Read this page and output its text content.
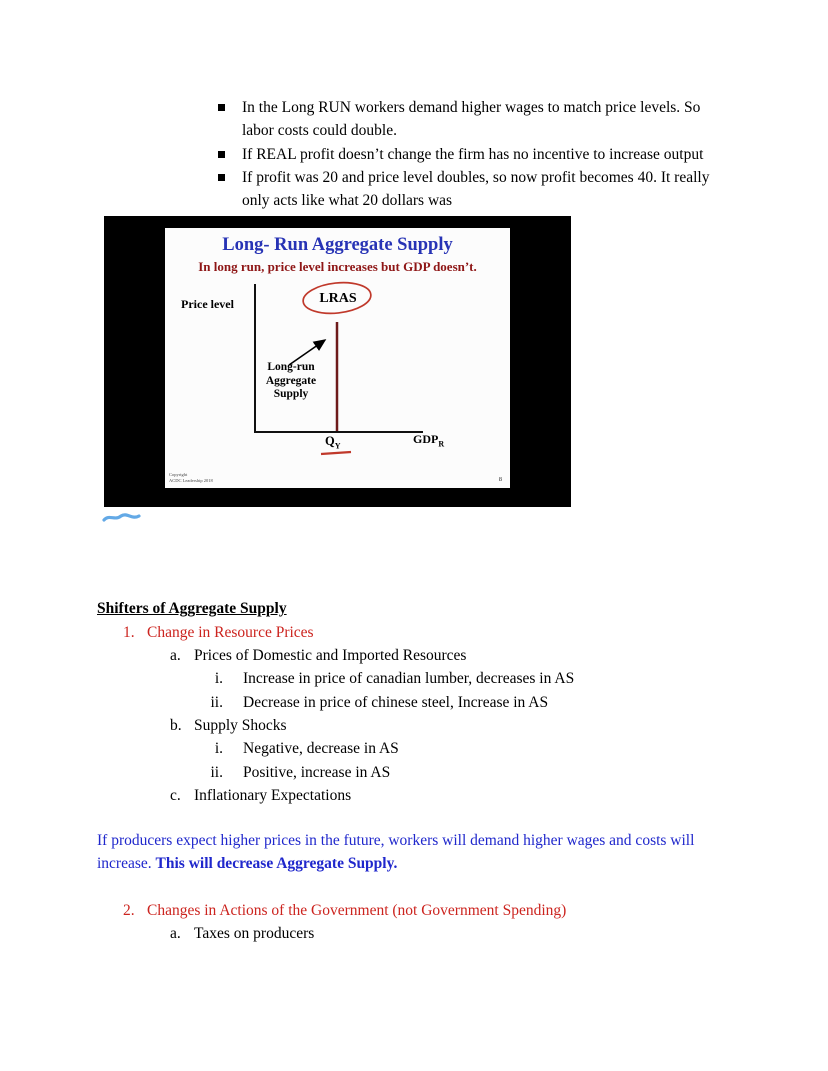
In the Long RUN workers demand higher wages to match price levels. So labor costs could double.
If REAL profit doesn’t change the firm has no incentive to increase output
If profit was 20 and price level doubles, so now profit becomes 40. It really only acts like what 20 dollars was
Long- Run Aggregate Supply
In long run, price level increases but GDP doesn’t.
Price level	LRAS
Long-run
Aggregate
Supply
$Q_Y$	$GDP_R$
Copyright
ACDC Leadership 2018	8
Shifters of Aggregate Supply
1. Change in Resource Prices
a. Prices of Domestic and Imported Resources
i. Increase in price of canadian lumber, decreases in AS
ii. Decrease in price of chinese steel, Increase in AS
b. Supply Shocks
i. Negative, decrease in AS
ii. Positive, increase in AS
c. Inflationary Expectations

If producers expect higher prices in the future, workers will demand higher wages and costs will increase. This will decrease Aggregate Supply.

2. Changes in Actions of the Government (not Government Spending)
a. Taxes on producers
